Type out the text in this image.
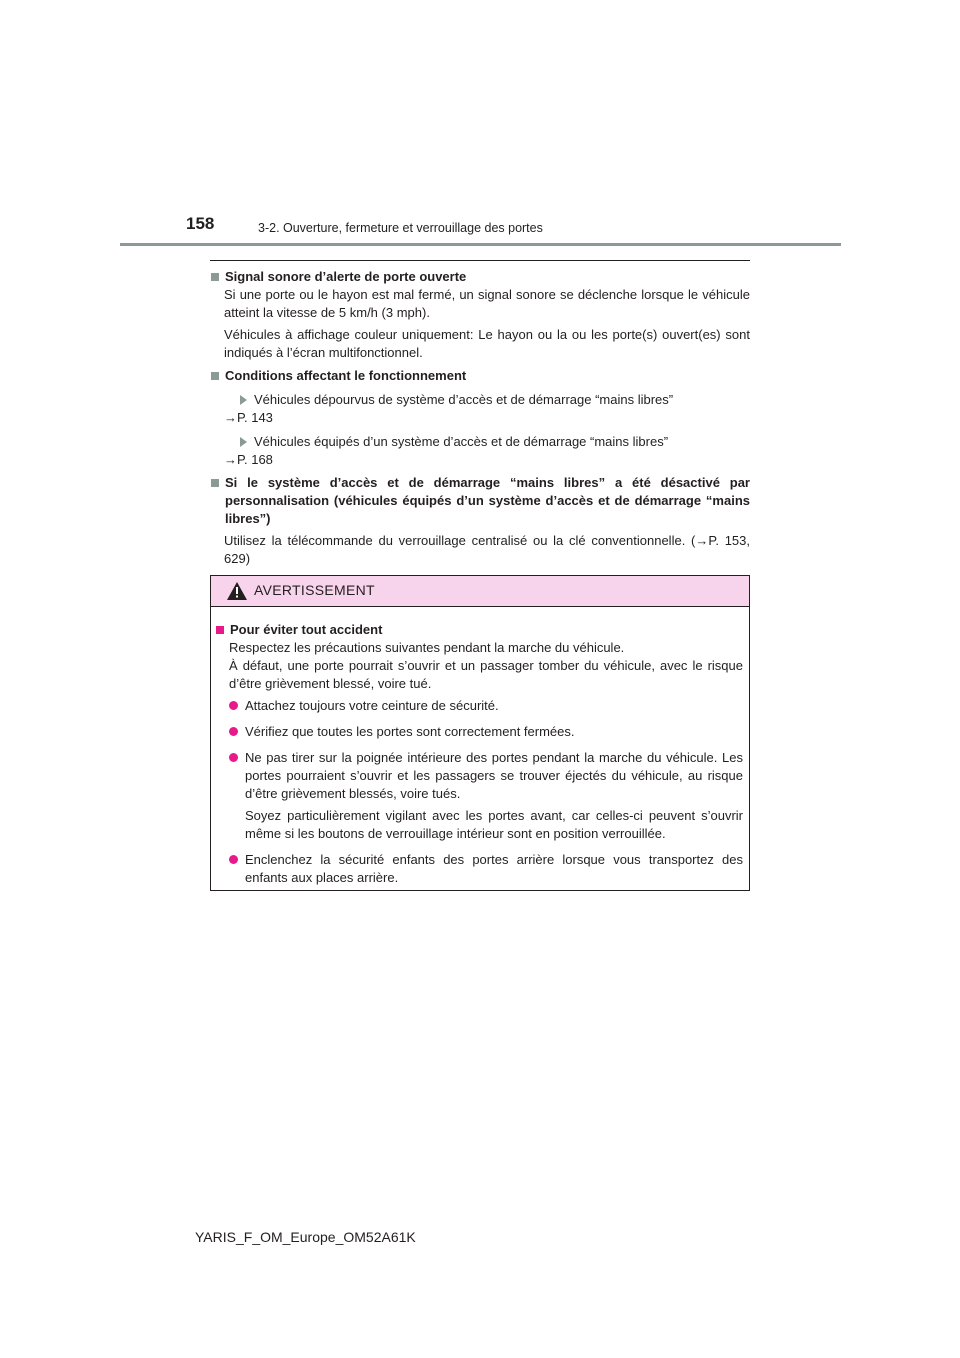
158	3-2. Ouverture, fermeture et verrouillage des portes
Signal sonore d’alerte de porte ouverte

Si une porte ou le hayon est mal fermé, un signal sonore se déclenche lorsque le véhicule atteint la vitesse de 5 km/h (3 mph).

Véhicules à affichage couleur uniquement: Le hayon ou la ou les porte(s) ouvert(es) sont indiqués à l’écran multifonctionnel.

Conditions affectant le fonctionnement
Véhicules dépourvus de système d’accès et de démarrage “mains libres”
→P. 143
Véhicules équipés d’un système d’accès et de démarrage “mains libres”
→P. 168
Si le système d’accès et de démarrage “mains libres” a été désactivé par personnalisation (véhicules équipés d’un système d’accès et de démarrage “mains libres”)

Utilisez la télécommande du verrouillage centralisé ou la clé conventionnelle. (→P. 153, 629)

AVERTISSEMENT
Pour éviter tout accident

Respectez les précautions suivantes pendant la marche du véhicule.

À défaut, une porte pourrait s’ouvrir et un passager tomber du véhicule, avec le risque d’être grièvement blessé, voire tué.

Attachez toujours votre ceinture de sécurité.

Vérifiez que toutes les portes sont correctement fermées.

Ne pas tirer sur la poignée intérieure des portes pendant la marche du véhicule. Les portes pourraient s’ouvrir et les passagers se trouver éjectés du véhicule, au risque d’être grièvement blessés, voire tués.

Soyez particulièrement vigilant avec les portes avant, car celles-ci peuvent s’ouvrir même si les boutons de verrouillage intérieur sont en position verrouillée.

Enclenchez la sécurité enfants des portes arrière lorsque vous transportez des enfants aux places arrière.

YARIS_F_OM_Europe_OM52A61K
